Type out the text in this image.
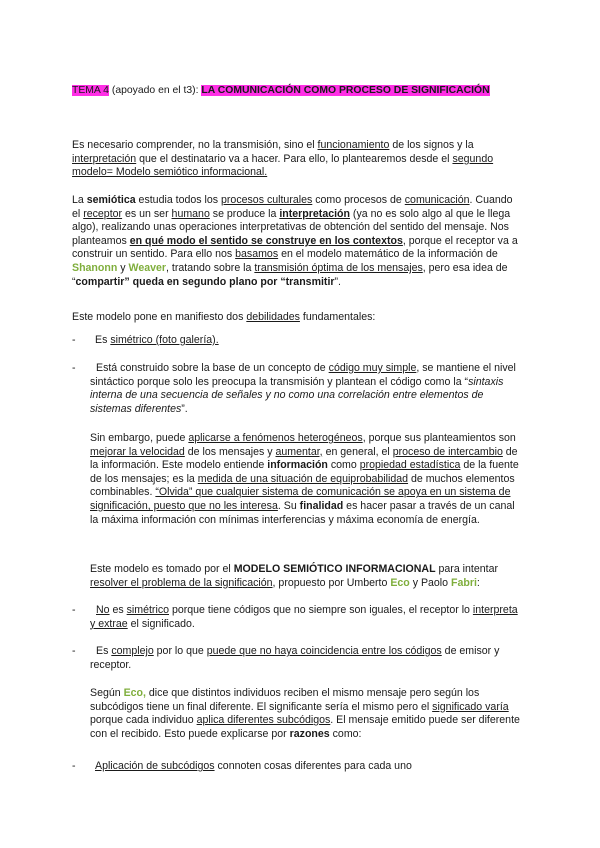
TEMA 4 (apoyado en el t3): LA COMUNICACIÓN COMO PROCESO DE SIGNIFICACIÓN

Es necesario comprender, no la transmisión, sino el funcionamiento de los signos y la interpretación que el destinatario va a hacer. Para ello, lo plantearemos desde el segundo modelo= Modelo semiótico informacional.

La semiótica estudia todos los procesos culturales como procesos de comunicación. Cuando el receptor es un ser humano se produce la interpretación (ya no es solo algo al que le llega algo), realizando unas operaciones interpretativas de obtención del sentido del mensaje. Nos planteamos en qué modo el sentido se construye en los contextos, porque el receptor va a construir un sentido. Para ello nos basamos en el modelo matemático de la información de Shanonn y Weaver, tratando sobre la transmisión óptima de los mensajes, pero esa idea de “compartir” queda en segundo plano por “transmitir”.

Este modelo pone en manifiesto dos debilidades fundamentales:

- Es simétrico (foto galería).

-	Está construido sobre la base de un concepto de código muy simple, se mantiene el nivel sintáctico porque solo les preocupa la transmisión y plantean el código como la “sintaxis interna de una secuencia de señales y no como una correlación entre elementos de sistemas diferentes”.

Sin embargo, puede aplicarse a fenómenos heterogéneos, porque sus planteamientos son mejorar la velocidad de los mensajes y aumentar, en general, el proceso de intercambio de la información. Este modelo entiende información como propiedad estadística de la fuente de los mensajes; es la medida de una situación de equiprobabilidad de muchos elementos combinables. “Olvida” que cualquier sistema de comunicación se apoya en un sistema de significación, puesto que no les interesa. Su finalidad es hacer pasar a través de un canal la máxima información con mínimas interferencias y máxima economía de energía.

Este modelo es tomado por el MODELO SEMIÓTICO INFORMACIONAL para intentar resolver el problema de la significación, propuesto por Umberto Eco y Paolo Fabri:

-	No es simétrico porque tiene códigos que no siempre son iguales, el receptor lo interpreta y extrae el significado.

-	Es complejo por lo que puede que no haya coincidencia entre los códigos de emisor y receptor.

Según Eco, dice que distintos individuos reciben el mismo mensaje pero según los subcódigos tiene un final diferente. El significante sería el mismo pero el significado varía porque cada individuo aplica diferentes subcódigos. El mensaje emitido puede ser diferente con el recibido. Esto puede explicarse por razones como:

- Aplicación de subcódigos connoten cosas diferentes para cada uno
